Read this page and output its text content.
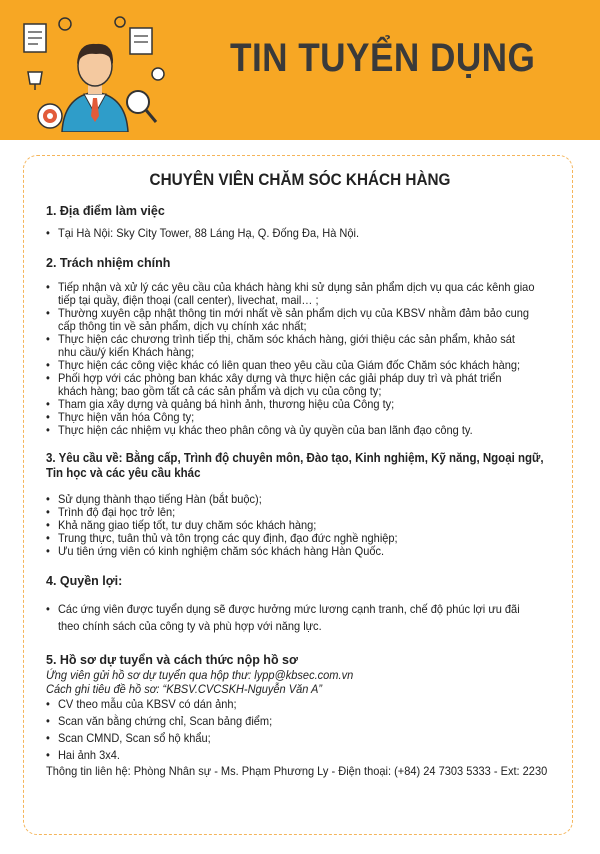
TIN TUYỂN DỤNG
CHUYÊN VIÊN CHĂM SÓC KHÁCH HÀNG
1. Địa điểm làm việc
• Tại Hà Nội: Sky City Tower, 88 Láng Hạ, Q. Đống Đa, Hà Nội.
2. Trách nhiệm chính
• Tiếp nhận và xử lý các yêu cầu của khách hàng khi sử dụng sản phẩm dịch vụ qua các kênh giao
tiếp tại quầy, điện thoại (call center), livechat, mail… ;
• Thường xuyên cập nhật thông tin mới nhất về sản phẩm dịch vụ của KBSV nhằm đảm bảo cung
cấp thông tin về sản phẩm, dịch vụ chính xác nhất;
• Thực hiện các chương trình tiếp thị, chăm sóc khách hàng, giới thiệu các sản phẩm, khảo sát
nhu cầu/ý kiến Khách hàng;
• Thực hiện các công việc khác có liên quan theo yêu cầu của Giám đốc Chăm sóc khách hàng;
• Phối hợp với các phòng ban khác xây dựng và thực hiện các giải pháp duy trì và phát triển
khách hàng; bao gồm tất cả các sản phẩm và dịch vụ của công ty;
• Tham gia xây dựng và quảng bá hình ảnh, thương hiệu của Công ty;
• Thực hiện văn hóa Công ty;
• Thực hiện các nhiệm vụ khác theo phân công và ủy quyền của ban lãnh đạo công ty.
3. Yêu cầu về: Bằng cấp, Trình độ chuyên môn, Đào tạo, Kinh nghiệm, Kỹ năng, Ngoại ngữ,
Tin học và các yêu cầu khác
• Sử dụng thành thạo tiếng Hàn (bắt buộc);
• Trình độ đại học trở lên;
• Khả năng giao tiếp tốt, tư duy chăm sóc khách hàng;
• Trung thực, tuân thủ và tôn trọng các quy định, đạo đức nghề nghiệp;
• Ưu tiên ứng viên có kinh nghiệm chăm sóc khách hàng Hàn Quốc.
4. Quyền lợi:
• Các ứng viên được tuyển dụng sẽ được hưởng mức lương cạnh tranh, chế độ phúc lợi ưu đãi
theo chính sách của công ty và phù hợp với năng lực.
5. Hồ sơ dự tuyển và cách thức nộp hồ sơ
Ứng viên gửi hồ sơ dự tuyển qua hộp thư: lypp@kbsec.com.vn
Cách ghi tiêu đề hồ sơ: “KBSV.CVCSKH-Nguyễn Văn A”
• CV theo mẫu của KBSV có dán ảnh;
• Scan văn bằng chứng chỉ, Scan bảng điểm;
• Scan CMND, Scan sổ hộ khẩu;
• Hai ảnh 3x4.
Thông tin liên hệ: Phòng Nhân sự - Ms. Phạm Phương Ly - Điện thoại: (+84) 24 7303 5333 - Ext: 2230
